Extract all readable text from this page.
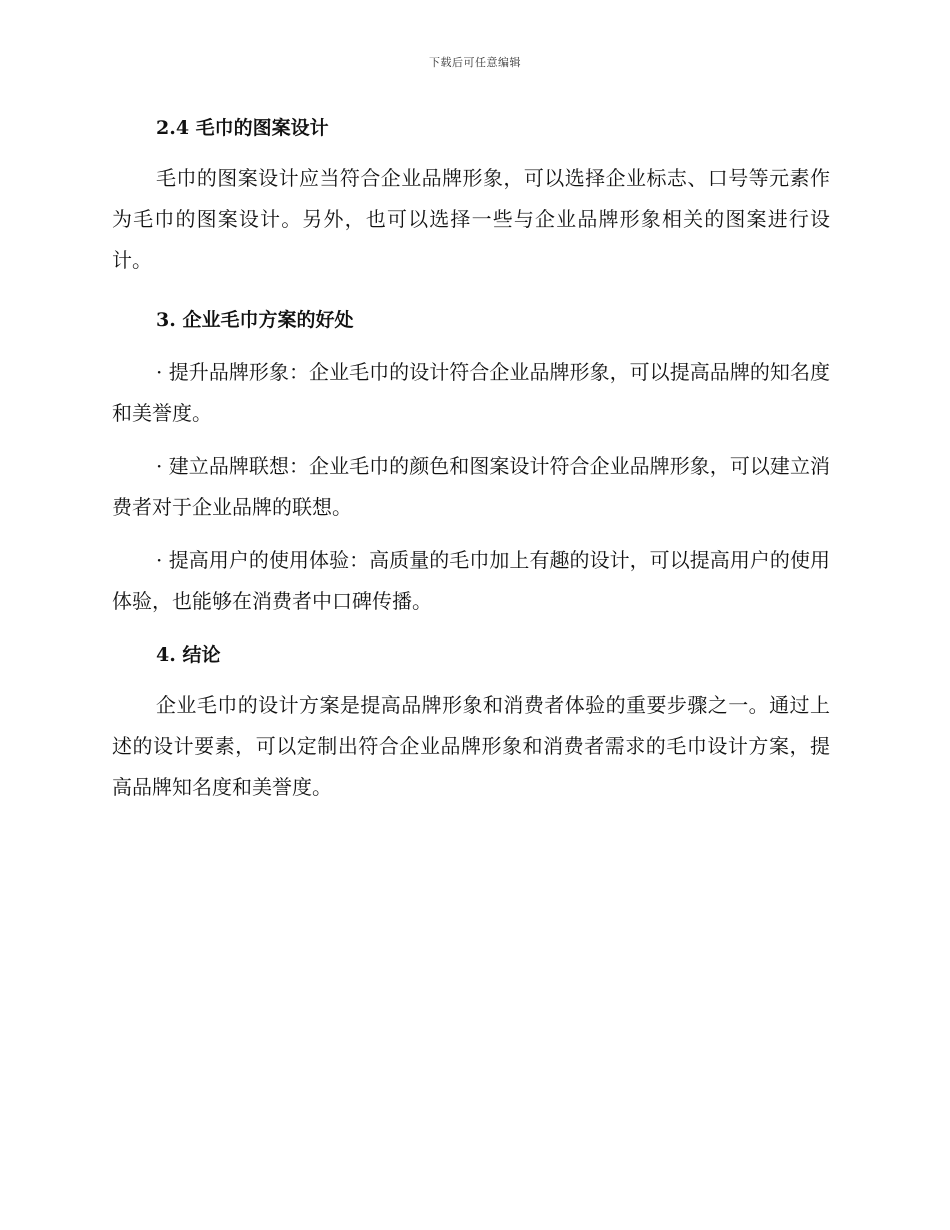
下载后可任意编辑
2.4 毛巾的图案设计

毛巾的图案设计应当符合企业品牌形象，可以选择企业标志、口号等元素作为毛巾的图案设计。另外，也可以选择一些与企业品牌形象相关的图案进行设计。

3. 企业毛巾方案的好处

· 提升品牌形象：企业毛巾的设计符合企业品牌形象，可以提高品牌的知名度和美誉度。

· 建立品牌联想：企业毛巾的颜色和图案设计符合企业品牌形象，可以建立消费者对于企业品牌的联想。

· 提高用户的使用体验：高质量的毛巾加上有趣的设计，可以提高用户的使用体验，也能够在消费者中口碑传播。

4. 结论

企业毛巾的设计方案是提高品牌形象和消费者体验的重要步骤之一。通过上述的设计要素，可以定制出符合企业品牌形象和消费者需求的毛巾设计方案，提高品牌知名度和美誉度。
